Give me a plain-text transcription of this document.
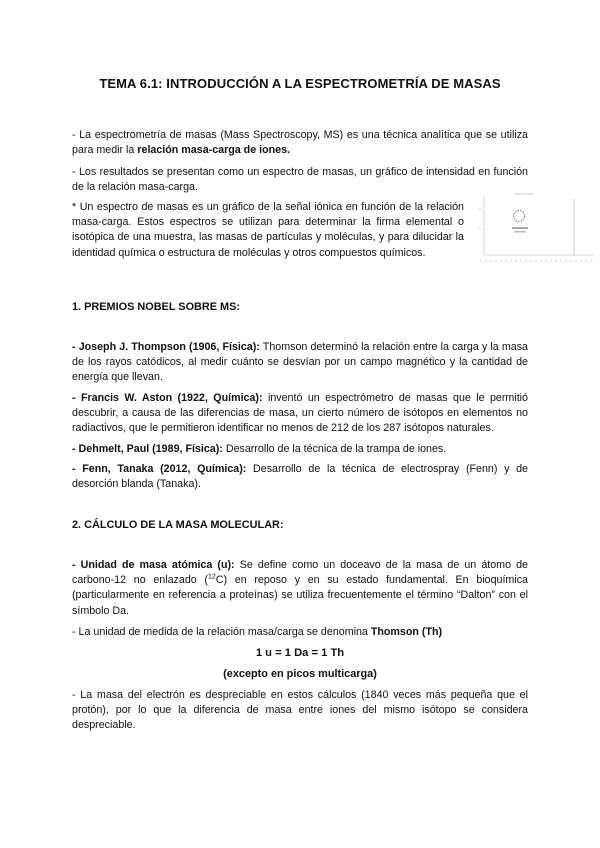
TEMA 6.1: INTRODUCCIÓN A LA ESPECTROMETRÍA DE MASAS

- La espectrometría de masas (Mass Spectroscopy, MS) es una técnica analítica que se utiliza para medir la relación masa-carga de iones.

- Los resultados se presentan como un espectro de masas, un gráfico de intensidad en función de la relación masa-carga.

* Un espectro de masas es un gráfico de la señal iónica en función de la relación masa-carga. Estos espectros se utilizan para determinar la firma elemental o isotópica de una muestra, las masas de partículas y moléculas, y para dilucidar la identidad química o estructura de moléculas y otros compuestos químicos.

1. PREMIOS NOBEL SOBRE MS:

- Joseph J. Thompson (1906, Física): Thomson determinó la relación entre la carga y la masa de los rayos catódicos, al medir cuánto se desvían por un campo magnético y la cantidad de energía que llevan.

- Francis W. Aston (1922, Química): inventó un espectrómetro de masas que le permitió descubrir, a causa de las diferencias de masa, un cierto número de isótopos en elementos no radiactivos, que le permitieron identificar no menos de 212 de los 287 isótopos naturales.

- Dehmelt, Paul (1989, Física): Desarrollo de la técnica de la trampa de iones.

- Fenn, Tanaka (2012, Química): Desarrollo de la técnica de electrospray (Fenn) y de desorción blanda (Tanaka).

2. CÁLCULO DE LA MASA MOLECULAR:

- Unidad de masa atómica (u): Se define como un doceavo de la masa de un átomo de carbono-12 no enlazado ($^{12}$C) en reposo y en su estado fundamental. En bioquímica (particularmente en referencia a proteínas) se utiliza frecuentemente el término “Dalton” con el símbolo Da.

- La unidad de medida de la relación masa/carga se denomina Thomson (Th)

1 u = 1 Da = 1 Th
(excepto en picos multicarga)

- La masa del electrón es despreciable en estos cálculos (1840 veces más pequeña que el protón), por lo que la diferencia de masa entre iones del mismo isótopo se considera despreciable.
